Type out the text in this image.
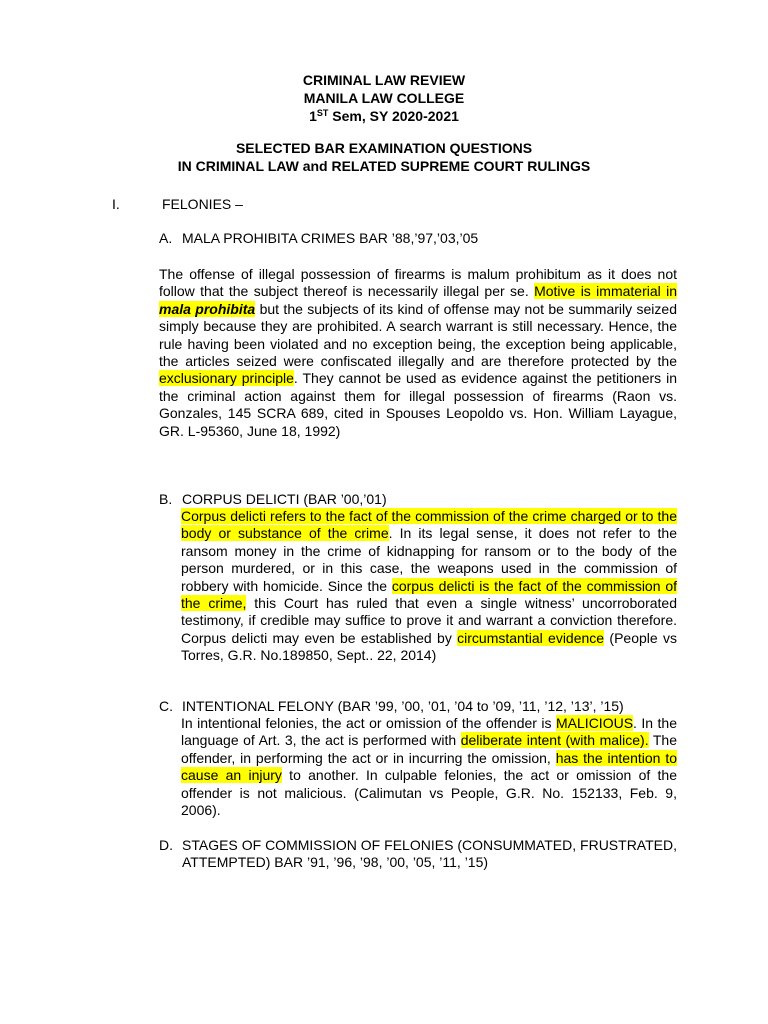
CRIMINAL LAW REVIEW
MANILA LAW COLLEGE
1ST Sem, SY 2020-2021
SELECTED BAR EXAMINATION QUESTIONS
IN CRIMINAL LAW and RELATED SUPREME COURT RULINGS
I.	FELONIES –
A. MALA PROHIBITA CRIMES BAR ’88,’97,’03,’05
The offense of illegal possession of firearms is malum prohibitum as it does not follow that the subject thereof is necessarily illegal per se. Motive is immaterial in mala prohibita but the subjects of its kind of offense may not be summarily seized simply because they are prohibited. A search warrant is still necessary. Hence, the rule having been violated and no exception being, the exception being applicable, the articles seized were confiscated illegally and are therefore protected by the exclusionary principle. They cannot be used as evidence against the petitioners in the criminal action against them for illegal possession of firearms (Raon vs. Gonzales, 145 SCRA 689, cited in Spouses Leopoldo vs. Hon. William Layague, GR. L-95360, June 18, 1992)
B. CORPUS DELICTI (BAR ’00,’01)
Corpus delicti refers to the fact of the commission of the crime charged or to the body or substance of the crime. In its legal sense, it does not refer to the ransom money in the crime of kidnapping for ransom or to the body of the person murdered, or in this case, the weapons used in the commission of robbery with homicide. Since the corpus delicti is the fact of the commission of the crime, this Court has ruled that even a single witness’ uncorroborated testimony, if credible may suffice to prove it and warrant a conviction therefore. Corpus delicti may even be established by circumstantial evidence (People vs Torres, G.R. No.189850, Sept.. 22, 2014)
C. INTENTIONAL FELONY (BAR ’99, ’00, ’01, ’04 to ’09, ’11, ’12, ’13’, ’15)
In intentional felonies, the act or omission of the offender is MALICIOUS. In the language of Art. 3, the act is performed with deliberate intent (with malice). The offender, in performing the act or in incurring the omission, has the intention to cause an injury to another. In culpable felonies, the act or omission of the offender is not malicious. (Calimutan vs People, G.R. No. 152133, Feb. 9, 2006).
D. STAGES OF COMMISSION OF FELONIES (CONSUMMATED, FRUSTRATED, ATTEMPTED) BAR ’91, ’96, ’98, ’00, ’05, ’11, ’15)
